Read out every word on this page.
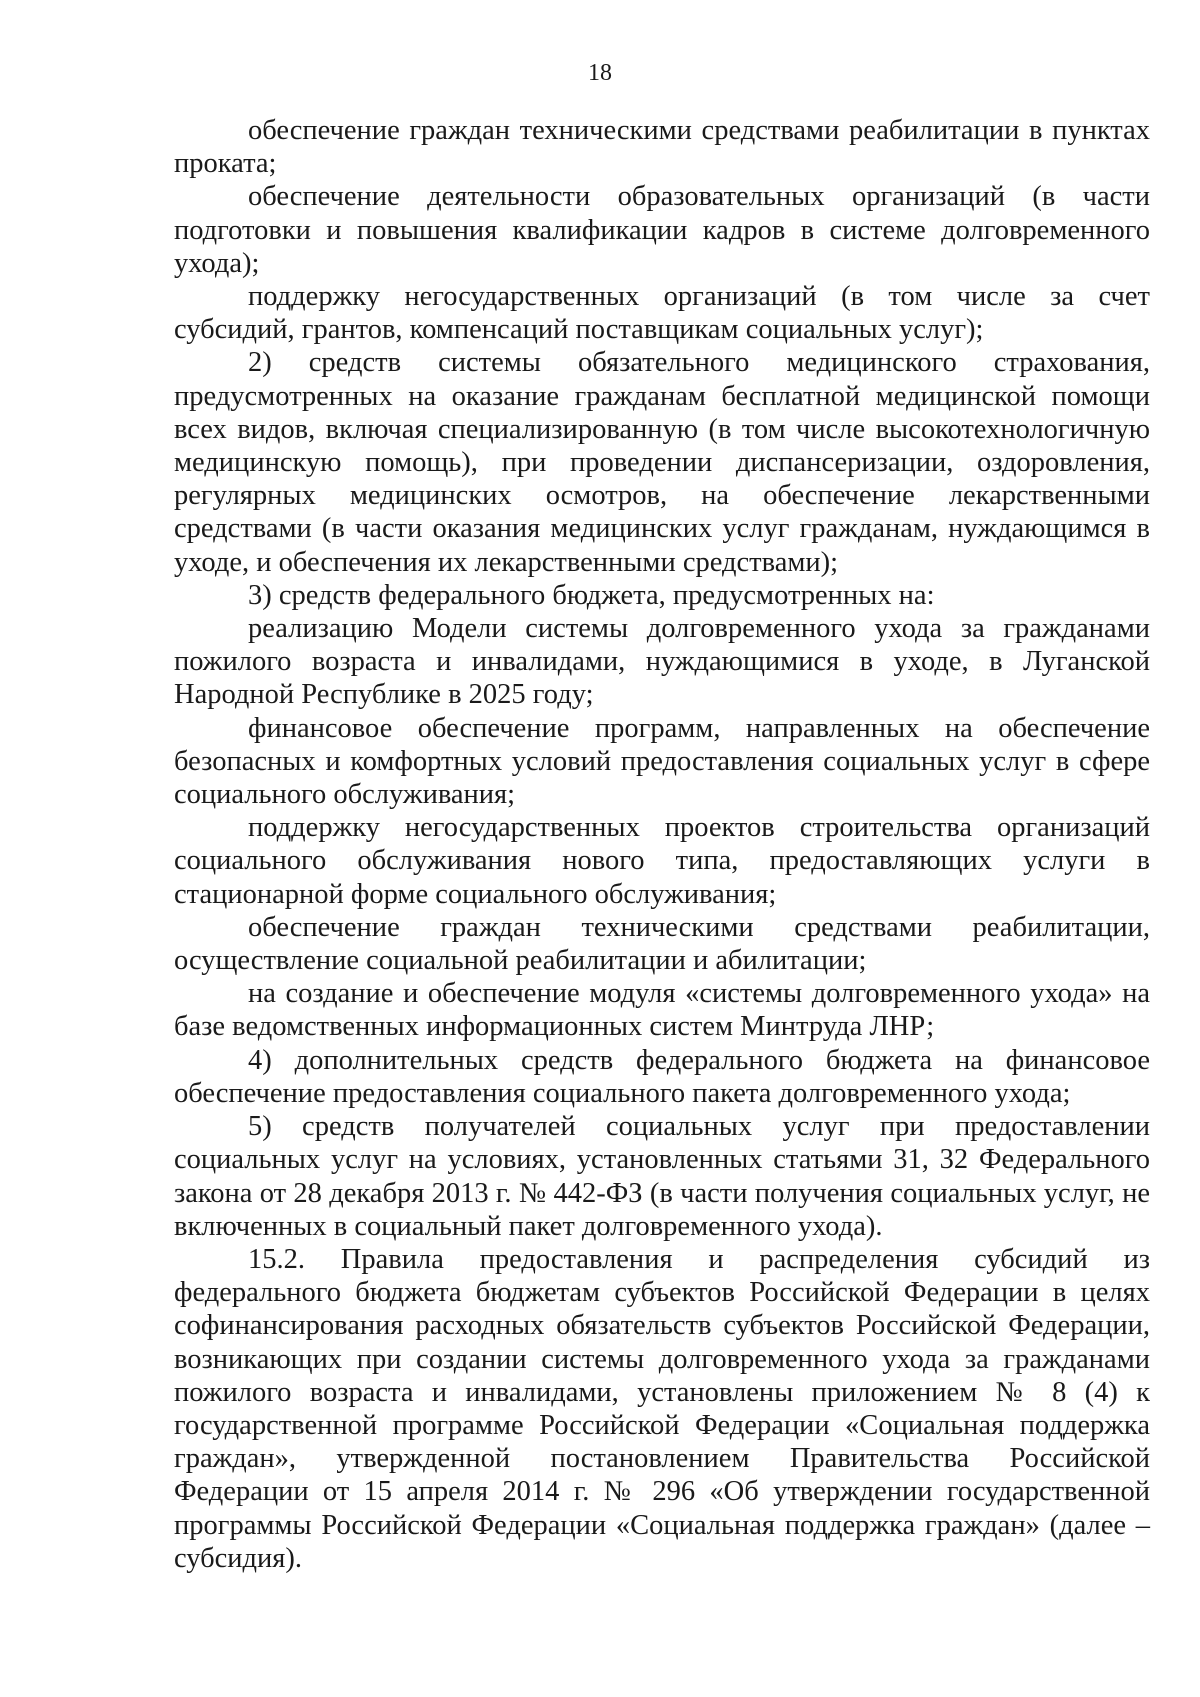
18

обеспечение граждан техническими средствами реабилитации в пунктах проката;

обеспечение деятельности образовательных организаций (в части подготовки и повышения квалификации кадров в системе долговременного ухода);

поддержку негосударственных организаций (в том числе за счет субсидий, грантов, компенсаций поставщикам социальных услуг);

2) средств системы обязательного медицинского страхования, предусмотренных на оказание гражданам бесплатной медицинской помощи всех видов, включая специализированную (в том числе высокотехнологичную медицинскую помощь), при проведении диспансеризации, оздоровления, регулярных медицинских осмотров, на обеспечение лекарственными средствами (в части оказания медицинских услуг гражданам, нуждающимся в уходе, и обеспечения их лекарственными средствами);

3) средств федерального бюджета, предусмотренных на:

реализацию Модели системы долговременного ухода за гражданами пожилого возраста и инвалидами, нуждающимися в уходе, в Луганской Народной Республике в 2025 году;

финансовое обеспечение программ, направленных на обеспечение безопасных и комфортных условий предоставления социальных услуг в сфере социального обслуживания;

поддержку негосударственных проектов строительства организаций социального обслуживания нового типа, предоставляющих услуги в стационарной форме социального обслуживания;

обеспечение граждан техническими средствами реабилитации, осуществление социальной реабилитации и абилитации;

на создание и обеспечение модуля «системы долговременного ухода» на базе ведомственных информационных систем Минтруда ЛНР;

4) дополнительных средств федерального бюджета на финансовое обеспечение предоставления социального пакета долговременного ухода;

5) средств получателей социальных услуг при предоставлении социальных услуг на условиях, установленных статьями 31, 32 Федерального закона от 28 декабря 2013 г. № 442-ФЗ (в части получения социальных услуг, не включенных в социальный пакет долговременного ухода).

15.2. Правила предоставления и распределения субсидий из федерального бюджета бюджетам субъектов Российской Федерации в целях софинансирования расходных обязательств субъектов Российской Федерации, возникающих при создании системы долговременного ухода за гражданами пожилого возраста и инвалидами, установлены приложением № 8 (4) к государственной программе Российской Федерации «Социальная поддержка граждан», утвержденной постановлением Правительства Российской Федерации от 15 апреля 2014 г. № 296 «Об утверждении государственной программы Российской Федерации «Социальная поддержка граждан» (далее – субсидия).
